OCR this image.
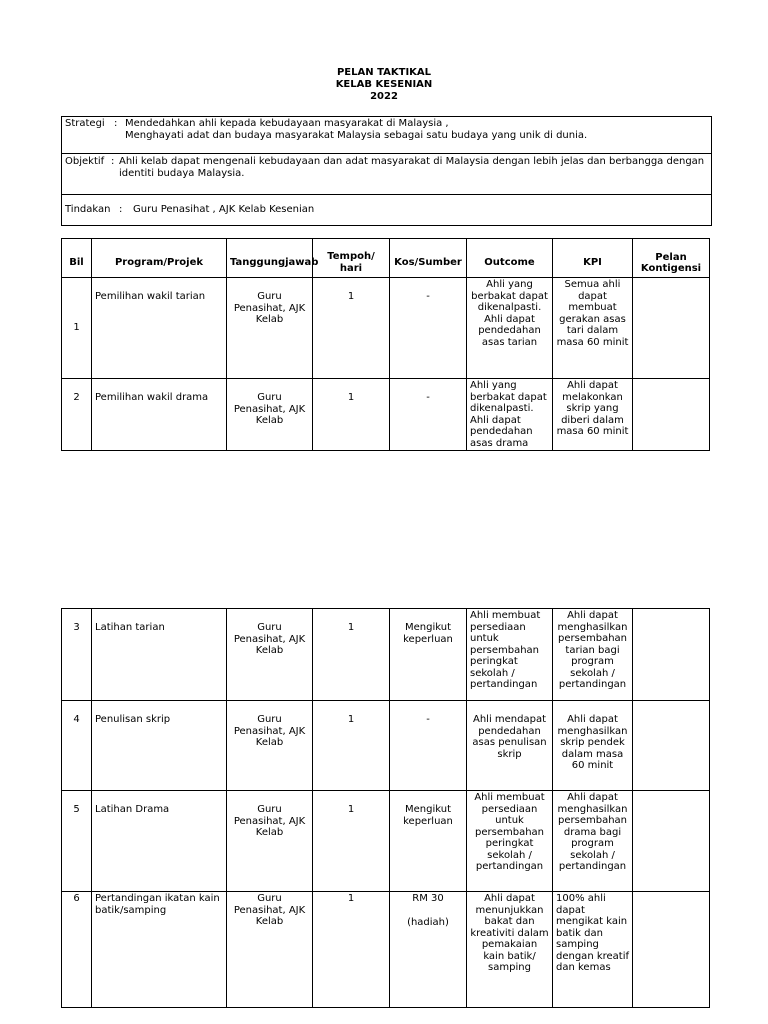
PELAN TAKTIKAL
KELAB KESENIAN
2022
Strategi : Mendedahkan ahli kepada kebudayaan masyarakat di Malaysia ,
Menghayati adat dan budaya masyarakat Malaysia sebagai satu budaya yang unik di dunia.
Objektif : Ahli kelab dapat mengenali kebudayaan dan adat masyarakat di Malaysia dengan lebih jelas dan berbangga dengan
identiti budaya Malaysia.
Tindakan : Guru Penasihat , AJK Kelab Kesenian
Bil	Program/Projek	Tanggungjawab	Tempoh/ hari	Kos/Sumber	Outcome	KPI	Pelan Kontigensi
1	Pemilihan wakil tarian	Guru Penasihat, AJK Kelab	1	-	Ahli yang berbakat dapat dikenalpasti. Ahli dapat pendedahan asas tarian	Semua ahli dapat membuat gerakan asas tari dalam masa 60 minit	
2	Pemilihan wakil drama	Guru Penasihat, AJK Kelab	1	-	Ahli yang berbakat dapat dikenalpasti. Ahli dapat pendedahan asas drama	Ahli dapat melakonkan skrip yang diberi dalam masa 60 minit	
3	Latihan tarian	Guru Penasihat, AJK Kelab	1	Mengikut keperluan	Ahli membuat persediaan untuk persembahan peringkat sekolah / pertandingan	Ahli dapat menghasilkan persembahan tarian bagi program sekolah / pertandingan	
4	Penulisan skrip	Guru Penasihat, AJK Kelab	1	-	Ahli mendapat pendedahan asas penulisan skrip	Ahli dapat menghasilkan skrip pendek dalam masa 60 minit	
5	Latihan Drama	Guru Penasihat, AJK Kelab	1	Mengikut keperluan	Ahli membuat persediaan untuk persembahan peringkat sekolah / pertandingan	Ahli dapat menghasilkan persembahan drama bagi program sekolah / pertandingan	
6	Pertandingan ikatan kain batik/samping	Guru Penasihat, AJK Kelab	1	RM 30
(hadiah)	Ahli dapat menunjukkan bakat dan kreativiti dalam pemakaian kain batik/ samping	100% ahli dapat mengikat kain batik dan samping dengan kreatif dan kemas	
